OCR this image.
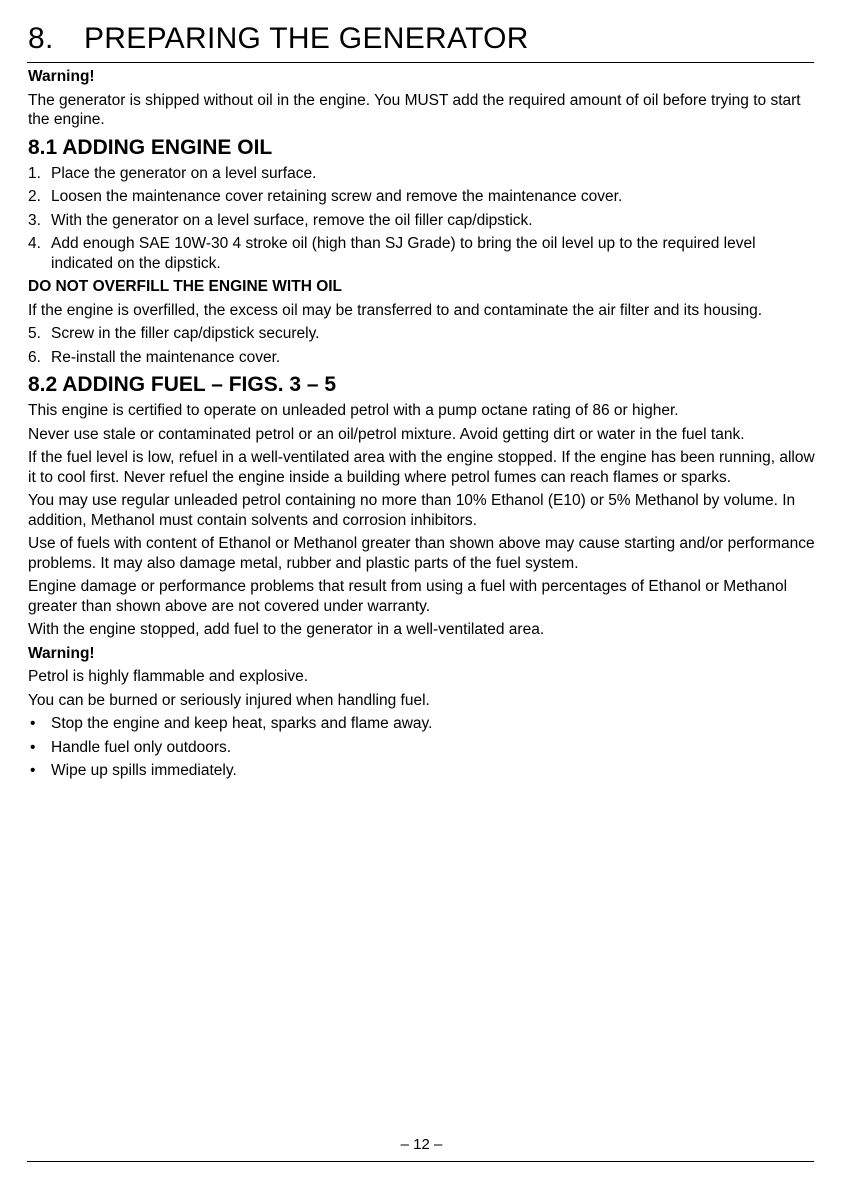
8. PREPARING THE GENERATOR

Warning!

The generator is shipped without oil in the engine. You MUST add the required amount of oil before trying to start the engine.

8.1 ADDING ENGINE OIL
1. Place the generator on a level surface.
2. Loosen the maintenance cover retaining screw and remove the maintenance cover.
3. With the generator on a level surface, remove the oil filler cap/dipstick.
4. Add enough SAE 10W-30 4 stroke oil (high than SJ Grade) to bring the oil level up to the required level indicated on the dipstick.

DO NOT OVERFILL THE ENGINE WITH OIL

If the engine is overfilled, the excess oil may be transferred to and contaminate the air filter and its housing.

5. Screw in the filler cap/dipstick securely.
6. Re-install the maintenance cover.
8.2 ADDING FUEL – FIGS. 3 – 5

This engine is certified to operate on unleaded petrol with a pump octane rating of 86 or higher.

Never use stale or contaminated petrol or an oil/petrol mixture. Avoid getting dirt or water in the fuel tank.

If the fuel level is low, refuel in a well-ventilated area with the engine stopped. If the engine has been running, allow it to cool first. Never refuel the engine inside a building where petrol fumes can reach flames or sparks.

You may use regular unleaded petrol containing no more than 10% Ethanol (E10) or 5% Methanol by volume. In addition, Methanol must contain solvents and corrosion inhibitors.

Use of fuels with content of Ethanol or Methanol greater than shown above may cause starting and/or performance problems. It may also damage metal, rubber and plastic parts of the fuel system.

Engine damage or performance problems that result from using a fuel with percentages of Ethanol or Methanol greater than shown above are not covered under warranty.

With the engine stopped, add fuel to the generator in a well-ventilated area.

Warning!

Petrol is highly flammable and explosive.

You can be burned or seriously injured when handling fuel.

• Stop the engine and keep heat, sparks and flame away.
• Handle fuel only outdoors.
• Wipe up spills immediately.
– 12 –
